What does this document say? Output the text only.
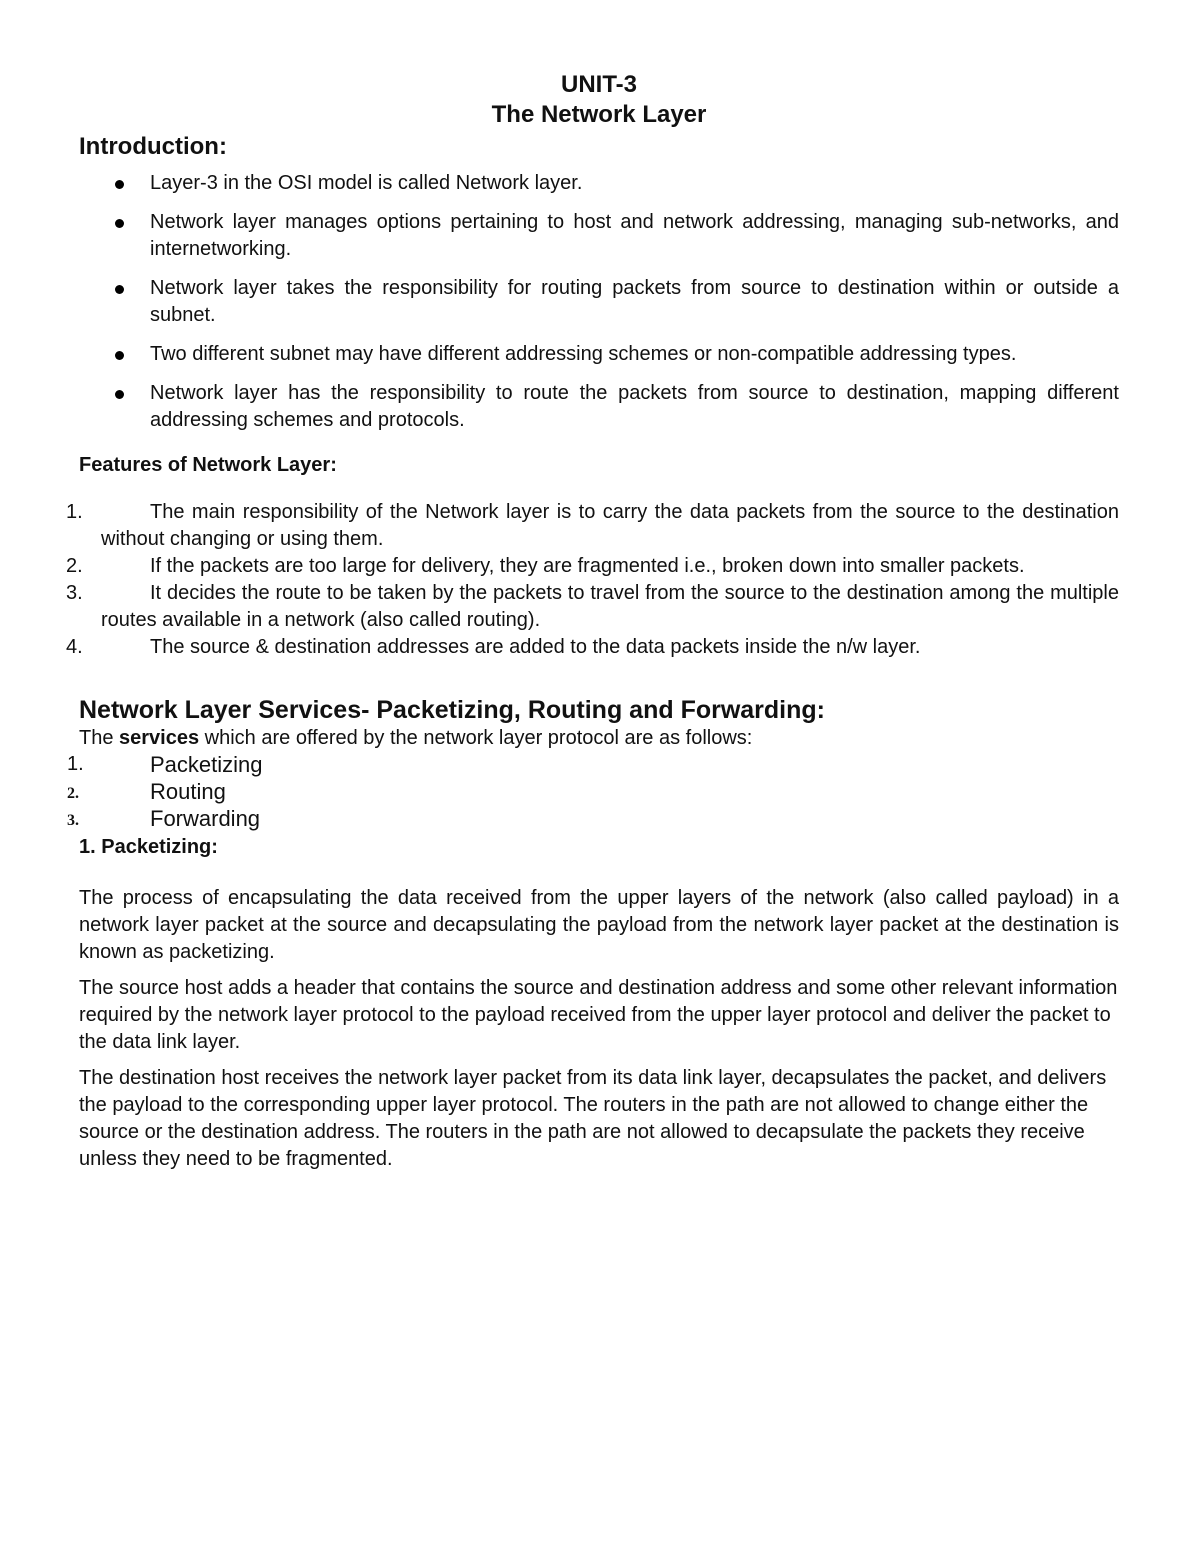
UNIT-3
The Network Layer
Introduction:
Layer-3 in the OSI model is called Network layer.
Network layer manages options pertaining to host and network addressing, managing sub-networks, and internetworking.
Network layer takes the responsibility for routing packets from source to destination within or outside a subnet.
Two different subnet may have different addressing schemes or non-compatible addressing types.
Network layer has the responsibility to route the packets from source to destination, mapping different addressing schemes and protocols.
Features of Network Layer:
1.	The main responsibility of the Network layer is to carry the data packets from the source to the destination without changing or using them.
2.	If the packets are too large for delivery, they are fragmented i.e., broken down into smaller packets.
3.	It decides the route to be taken by the packets to travel from the source to the destination among the multiple routes available in a network (also called routing).
4.	The source & destination addresses are added to the data packets inside the n/w layer.
Network Layer Services- Packetizing, Routing and Forwarding:

The services which are offered by the network layer protocol are as follows:

1.	Packetizing
2.	Routing
3.	Forwarding
1. Packetizing:

The process of encapsulating the data received from the upper layers of the network (also called payload) in a network layer packet at the source and decapsulating the payload from the network layer packet at the destination is known as packetizing.

The source host adds a header that contains the source and destination address and some other relevant information required by the network layer protocol to the payload received from the upper layer protocol and deliver the packet to the data link layer.

The destination host receives the network layer packet from its data link layer, decapsulates the packet, and delivers the payload to the corresponding upper layer protocol. The routers in the path are not allowed to change either the source or the destination address. The routers in the path are not allowed to decapsulate the packets they receive unless they need to be fragmented.
